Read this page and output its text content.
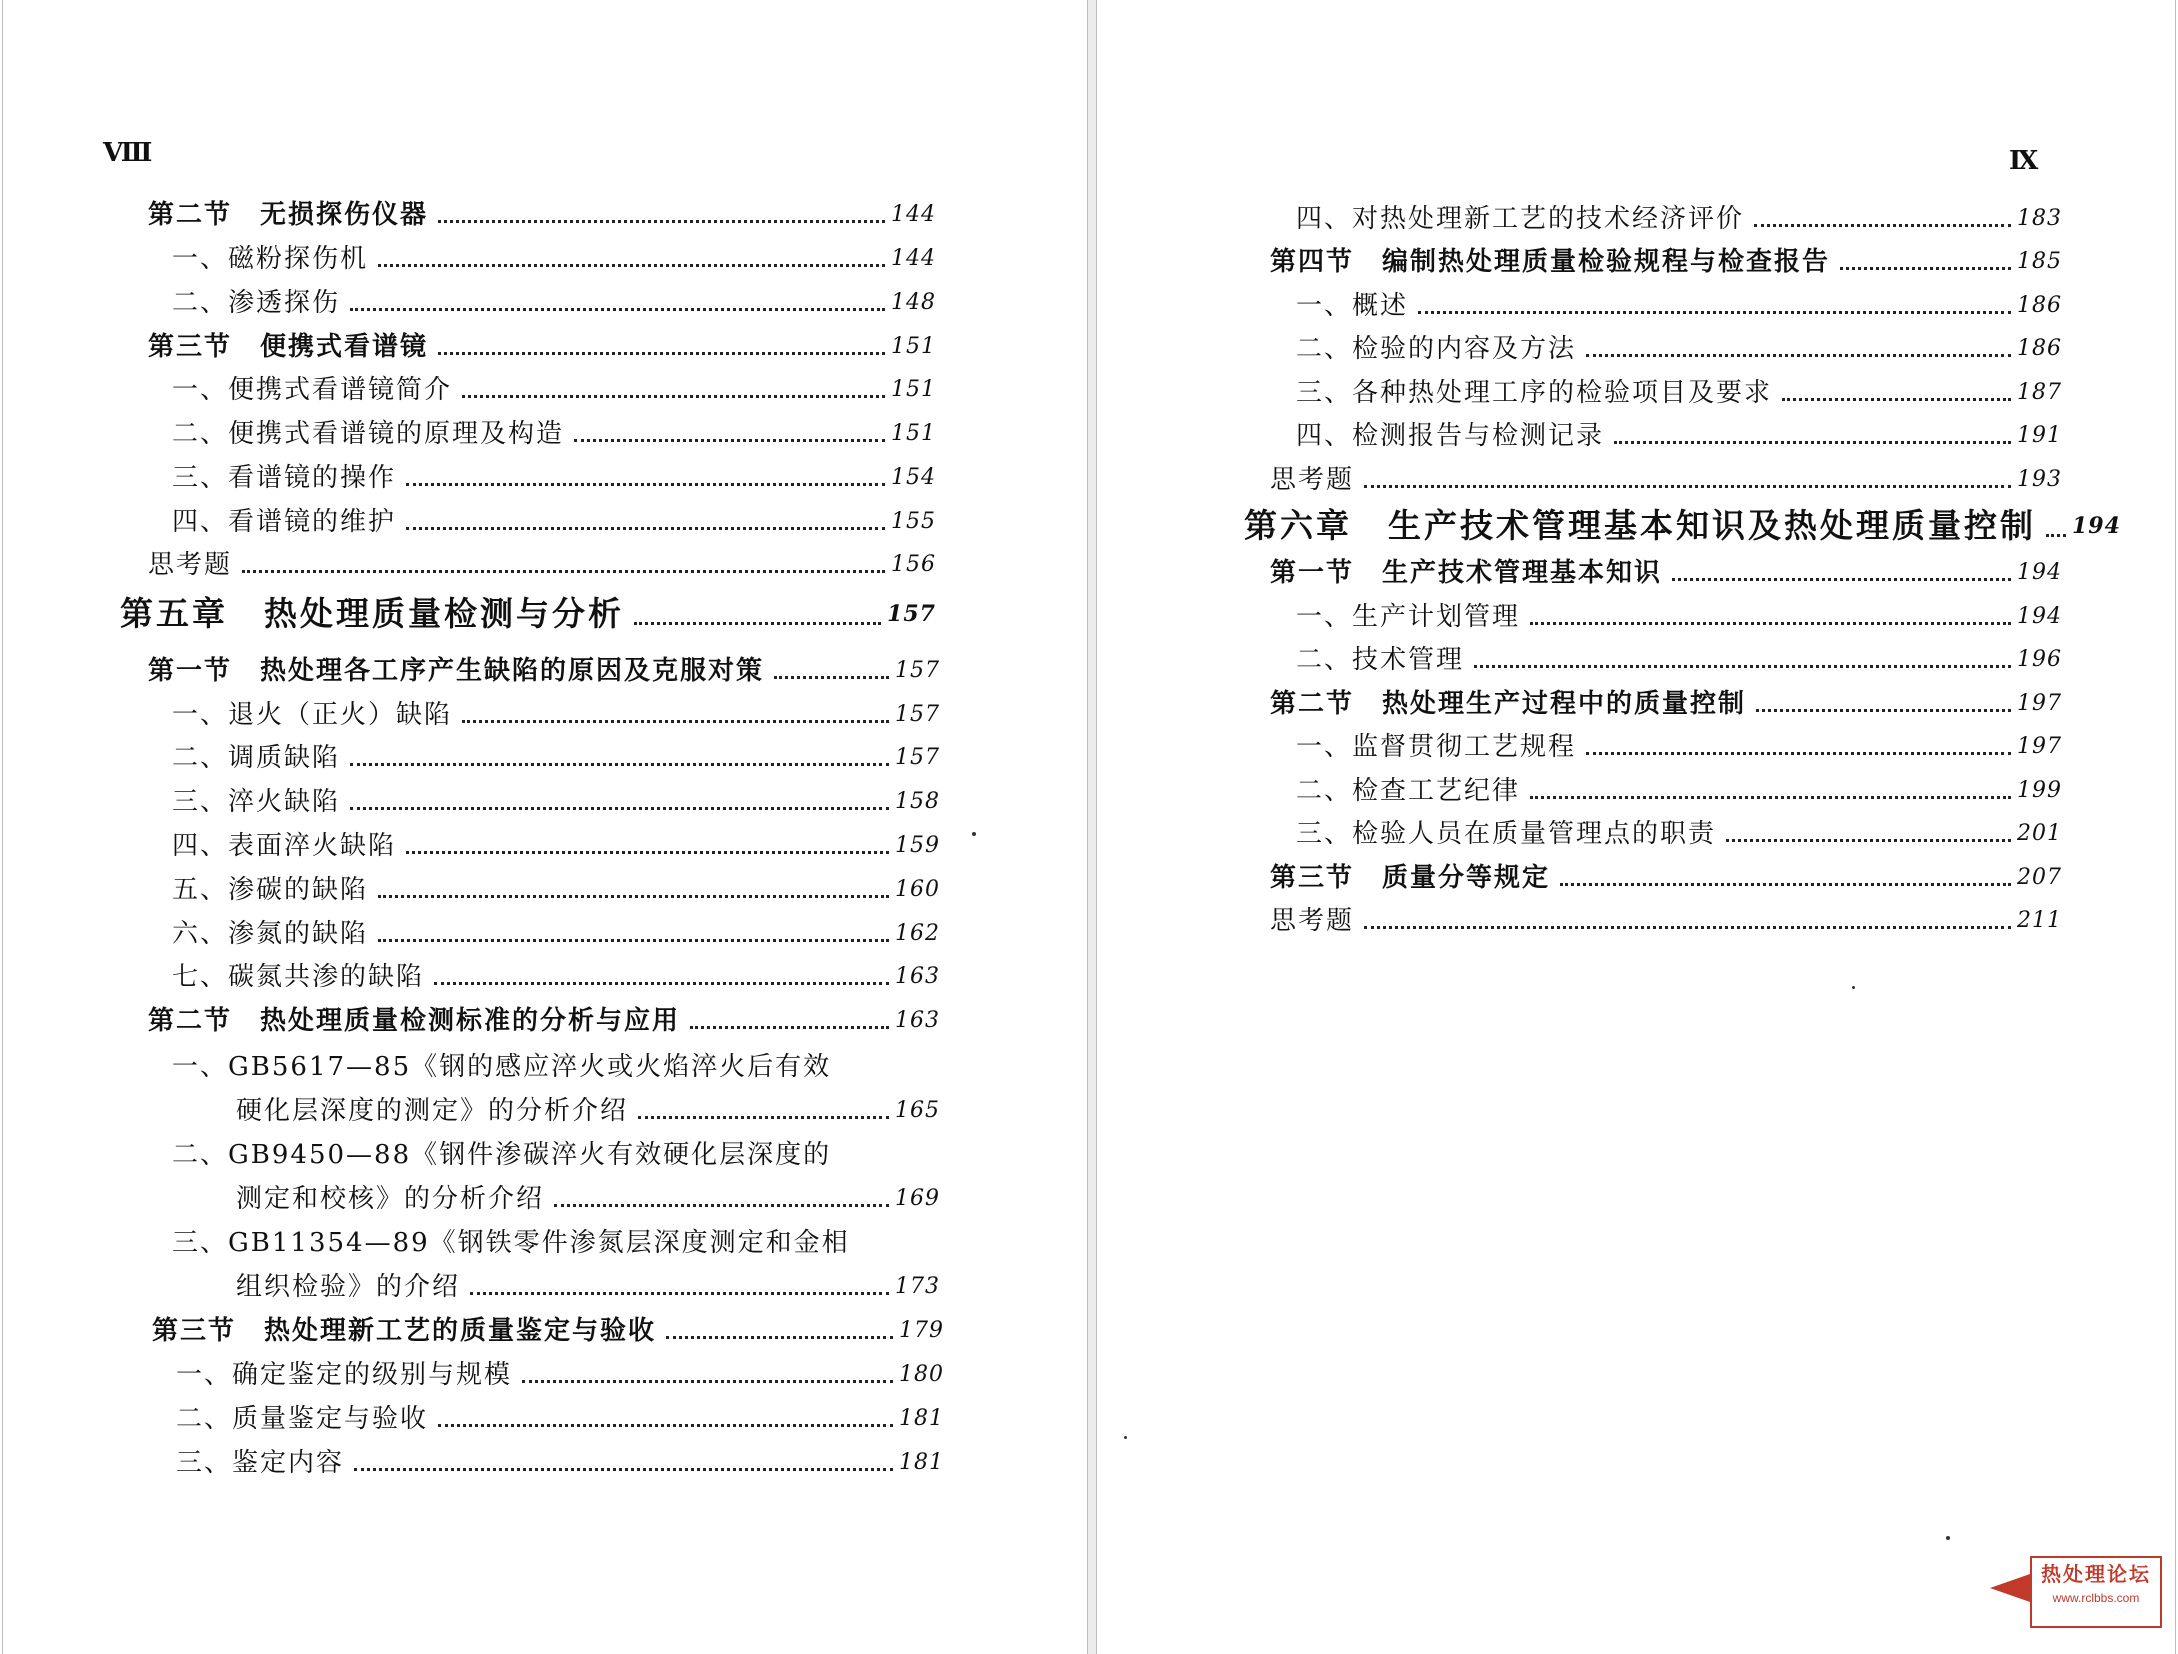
Ⅷ	Ⅸ
第二节　无损探伤仪器	144
一、磁粉探伤机	144
二、渗透探伤	148
第三节　便携式看谱镜	151
一、便携式看谱镜简介	151
二、便携式看谱镜的原理及构造	151
三、看谱镜的操作	154
四、看谱镜的维护	155
思考题	156
第五章　热处理质量检测与分析	157
第一节　热处理各工序产生缺陷的原因及克服对策	157
一、退火（正火）缺陷	157
二、调质缺陷	157
三、淬火缺陷	158
四、表面淬火缺陷	159
五、渗碳的缺陷	160
六、渗氮的缺陷	162
七、碳氮共渗的缺陷	163
第二节　热处理质量检测标准的分析与应用	163
一、GB5617—85《钢的感应淬火或火焰淬火后有效
硬化层深度的测定》的分析介绍	165
二、GB9450—88《钢件渗碳淬火有效硬化层深度的
测定和校核》的分析介绍	169
三、GB11354—89《钢铁零件渗氮层深度测定和金相
组织检验》的介绍	173
第三节　热处理新工艺的质量鉴定与验收	179
一、确定鉴定的级别与规模	180
二、质量鉴定与验收	181
三、鉴定内容	181
四、对热处理新工艺的技术经济评价	183
第四节　编制热处理质量检验规程与检查报告	185
一、概述	186
二、检验的内容及方法	186
三、各种热处理工序的检验项目及要求	187
四、检测报告与检测记录	191
思考题	193
第六章　生产技术管理基本知识及热处理质量控制 194
第一节　生产技术管理基本知识	194
一、生产计划管理	194
二、技术管理	196
第二节　热处理生产过程中的质量控制	197
一、监督贯彻工艺规程	197
二、检查工艺纪律	199
三、检验人员在质量管理点的职责	201
第三节　质量分等规定	207
思考题	211
热处理论坛
www.rclbbs.com
